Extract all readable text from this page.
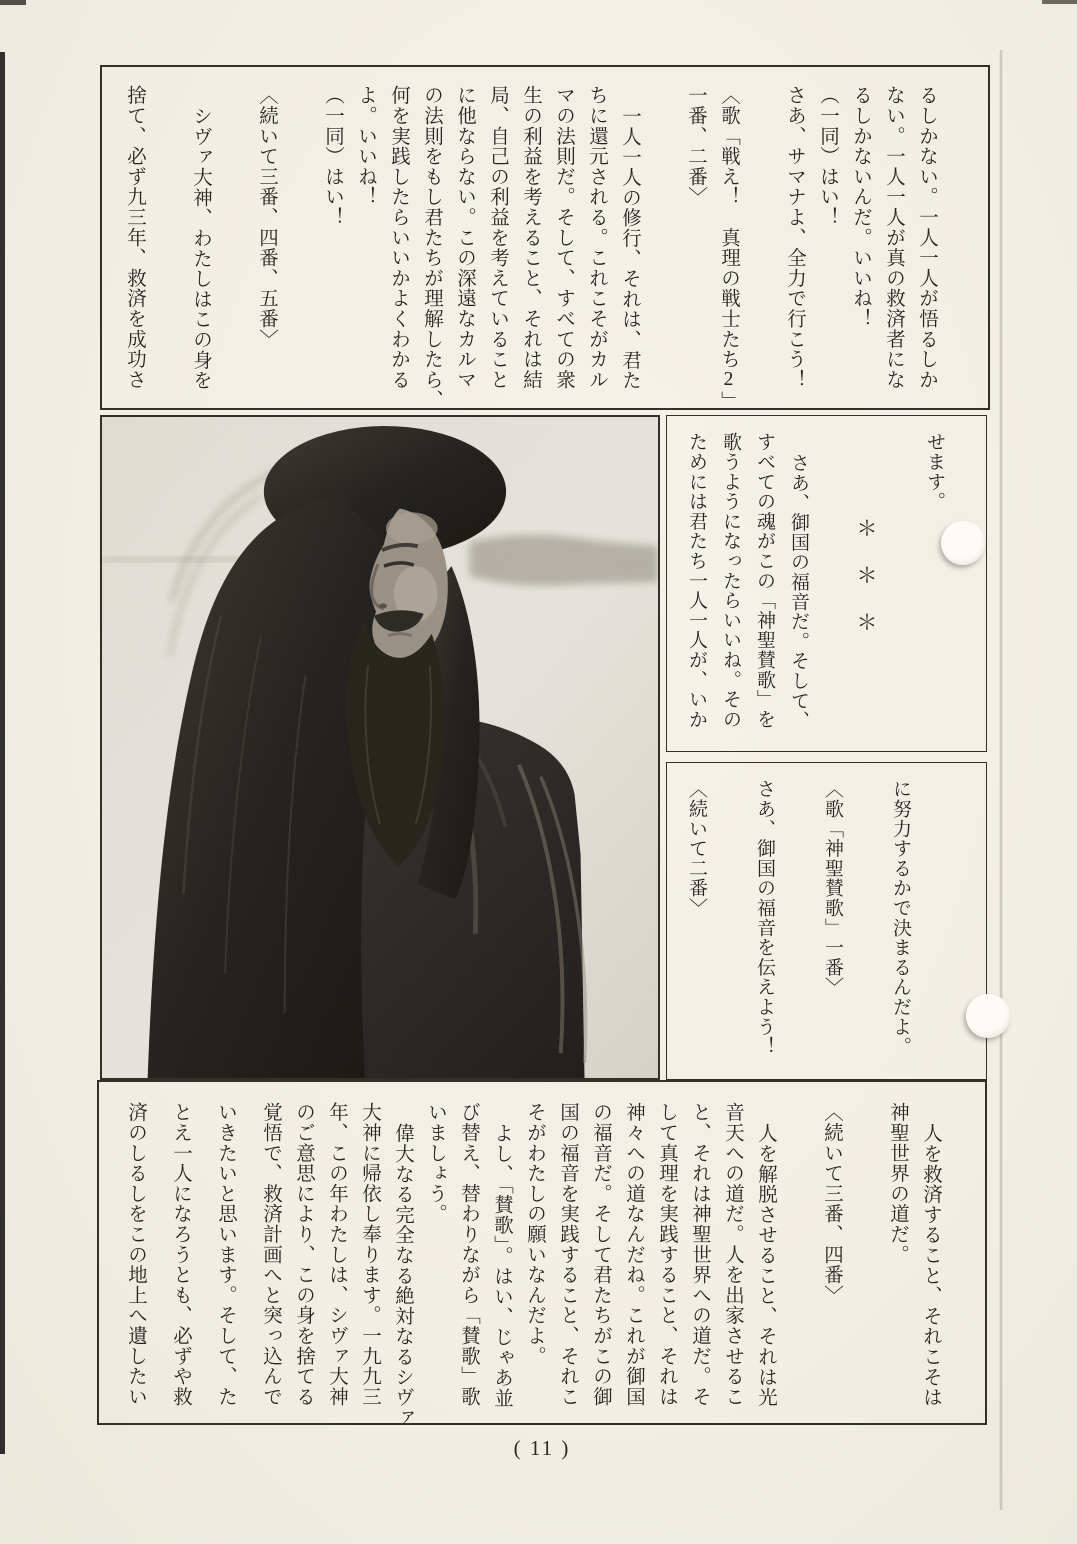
るしかない。一人一人が悟るしか
ない。一人一人が真の救済者にな
るしかないんだ。いいね！
（一同）はい！
さあ、サマナよ、全力で行こう！

〈歌「戦え！　真理の戦士たち2」
一番、二番〉

一人一人の修行、それは、君た
ちに還元される。これこそがカル
マの法則だ。そして、すべての衆
生の利益を考えること、それは結
局、自己の利益を考えていること
に他ならない。この深遠なカルマ
の法則をもし君たちが理解したら、
何を実践したらいいかよくわかる
よ。いいね！
（一同）はい！

〈続いて三番、四番、五番〉

シヴァ大神、わたしはこの身を

捨て、必ず九三年、救済を成功さ
せます。

＊＊＊

さあ、御国の福音だ。そして、
すべての魂がこの「神聖賛歌」を
歌うようになったらいいね。その
ためには君たち一人一人が、いか
に努力するかで決まるんだよ。

〈歌「神聖賛歌」一番〉

さあ、御国の福音を伝えよう！

〈続いて二番〉
人を救済すること、それこそは
神聖世界の道だ。

〈続いて三番、四番〉

人を解脱させること、それは光
音天への道だ。人を出家させるこ
と、それは神聖世界への道だ。そ
して真理を実践すること、それは
神々への道なんだね。これが御国
の福音だ。そして君たちがこの御
国の福音を実践すること、それこ
そがわたしの願いなんだよ。
よし、「賛歌」。はい、じゃあ並
び替え、替わりながら「賛歌」歌
いましょう。
偉大なる完全なる絶対なるシヴァ
大神に帰依し奉ります。一九九三
年、この年わたしは、シヴァ大神
のご意思により、この身を捨てる
覚悟で、救済計画へと突っ込んで
いきたいと思います。そして、た
とえ一人になろうとも、必ずや救
済のしるしをこの地上へ遺したい
( 11 )
